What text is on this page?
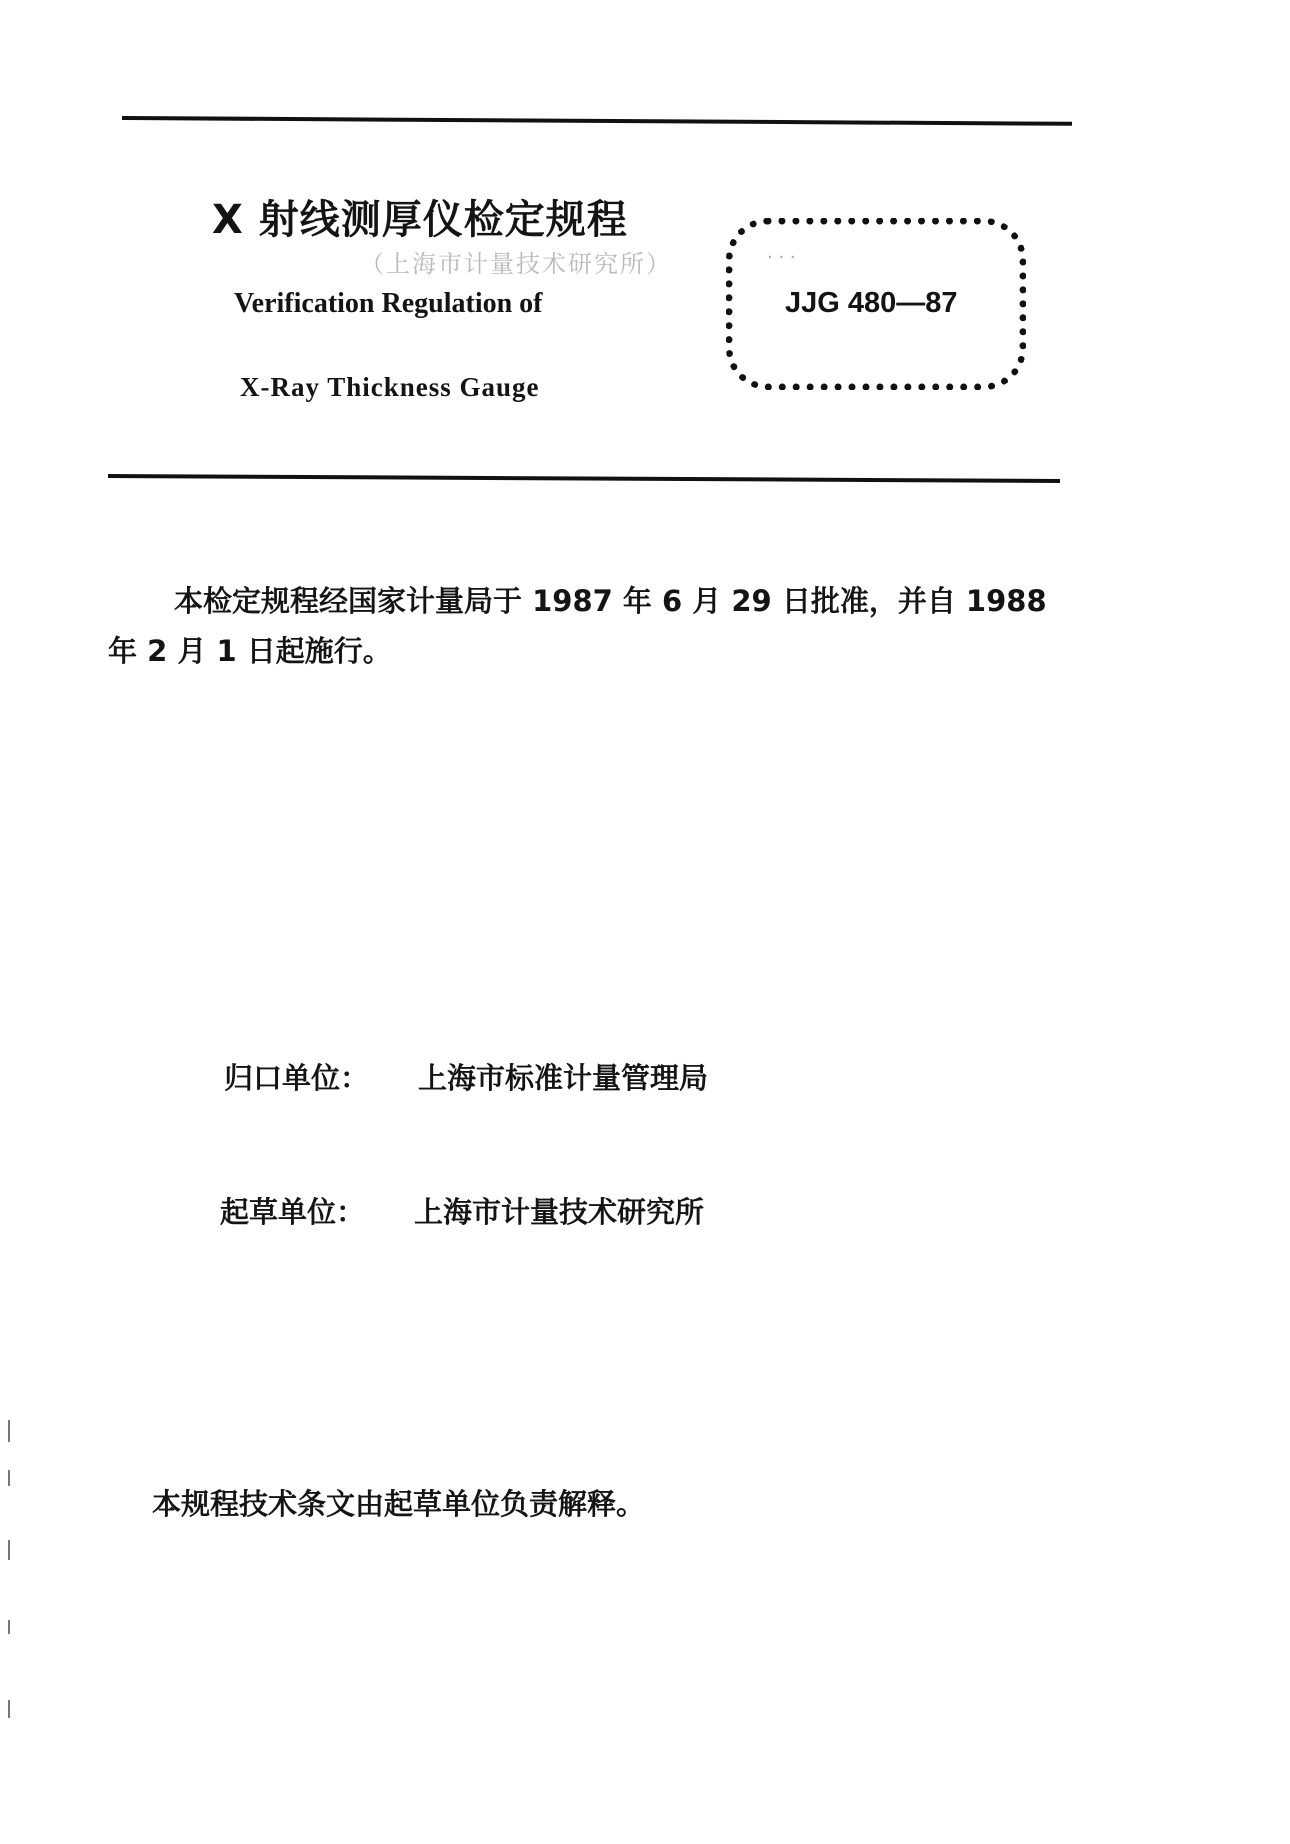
X 射线测厚仪检定规程
（上海市计量技术研究所）
Verification Regulation of
X-Ray Thickness Gauge
· · ·
JJG 480—87
本检定规程经国家计量局于 1987 年 6 月 29 日批准，并自 1988 年 2 月 1 日起施行。
归口单位： 上海市标准计量管理局
起草单位： 上海市计量技术研究所
本规程技术条文由起草单位负责解释。
